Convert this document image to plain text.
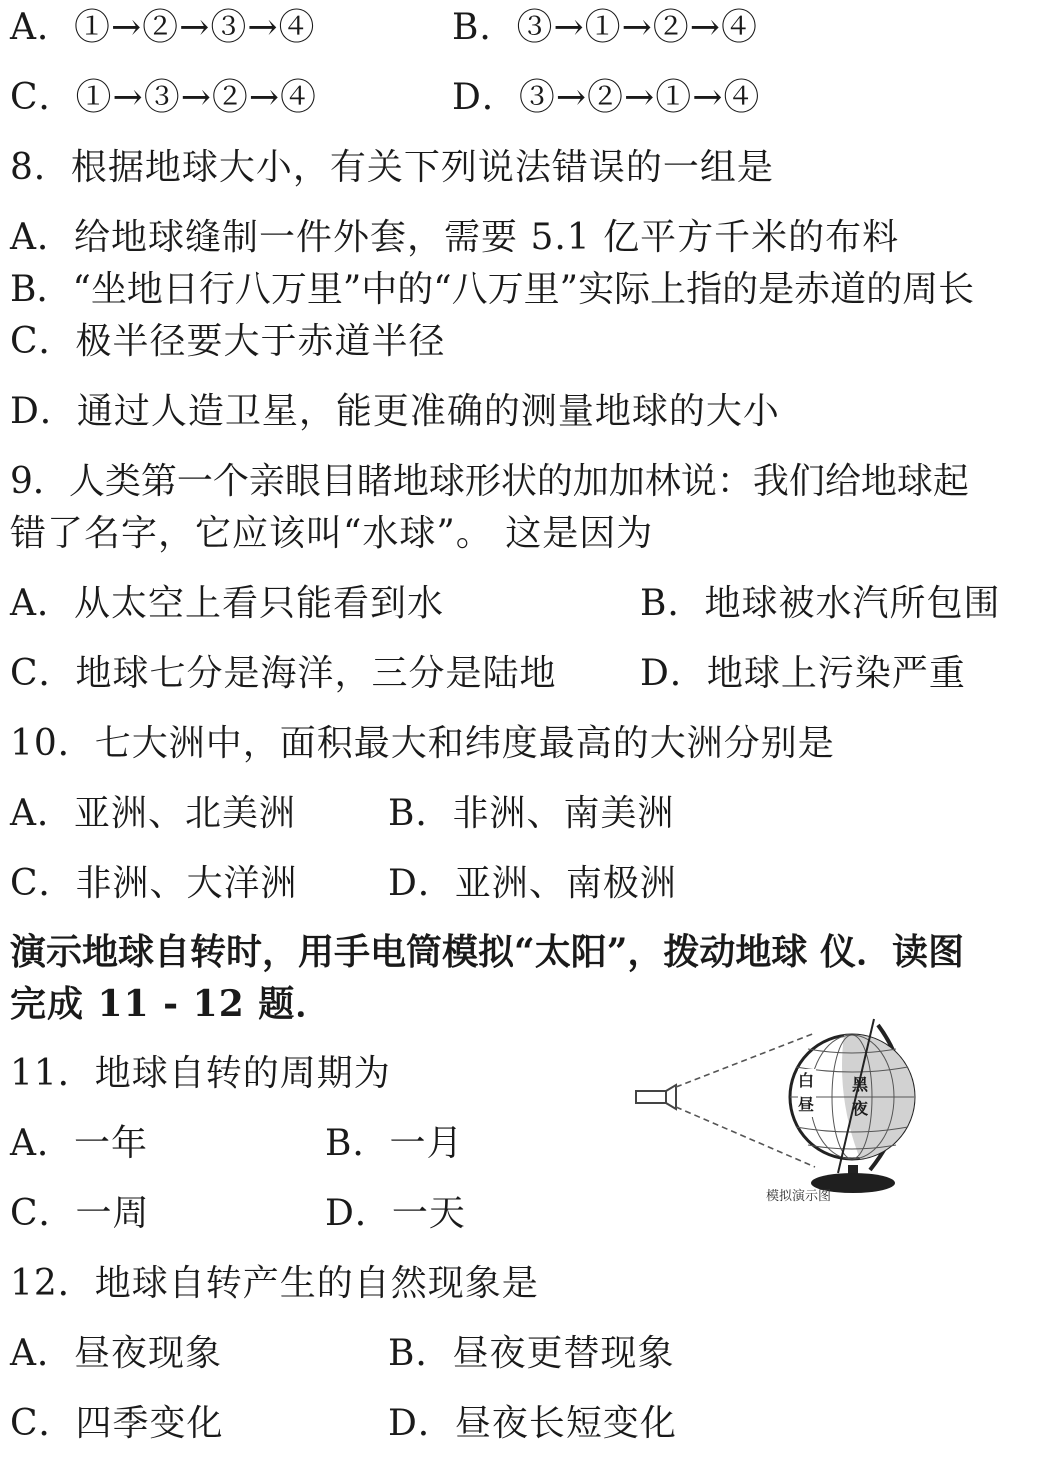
A．①→②→③→④	B．③→①→②→④
C．①→③→②→④	D．③→②→①→④
8．根据地球大小，有关下列说法错误的一组是
A．给地球缝制一件外套，需要 5.1 亿平方千米的布料
B．“坐地日行八万里”中的“八万里”实际上指的是赤道的周长
C．极半径要大于赤道半径
D．通过人造卫星，能更准确的测量地球的大小
9．人类第一个亲眼目睹地球形状的加加林说：我们给地球起
错了名字，它应该叫“水球”。 这是因为
A．从太空上看只能看到水	B．地球被水汽所包围
C．地球七分是海洋，三分是陆地 D．地球上污染严重
10．七大洲中，面积最大和纬度最高的大洲分别是
A．亚洲、北美洲	B．非洲、南美洲
C．非洲、大洋洲	D．亚洲、南极洲
演示地球自转时，用手电筒模拟“太阳”，拨动地球 仪．读图
完成 11 - 12 题．
11．地球自转的周期为
A．一年	B．一月
C．一周	D．一天
白昼
黑夜
模拟演示图
12．地球自转产生的自然现象是
A．昼夜现象	B．昼夜更替现象
C．四季变化	D．昼夜长短变化
